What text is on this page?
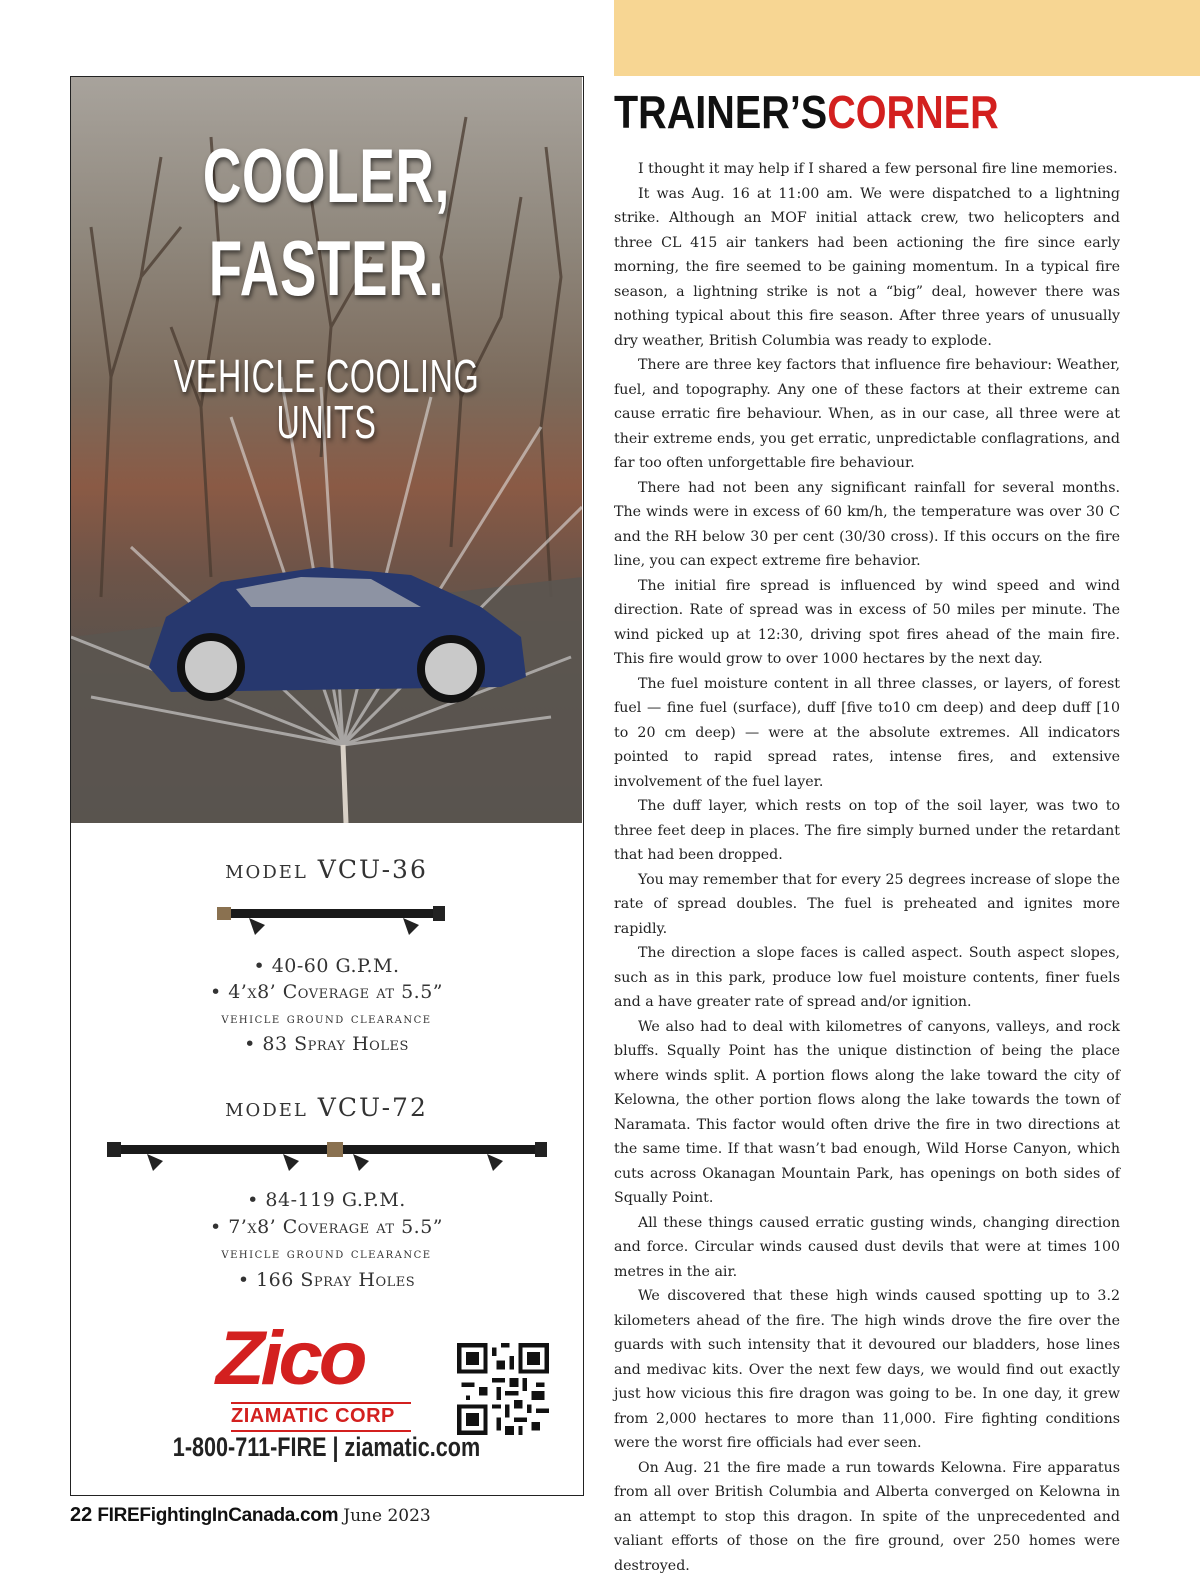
COOLER,
FASTER.
VEHICLE COOLING UNITS
model VCU-36
• 40-60 G.P.M.
• 4’x8’ Coverage at 5.5”
vehicle ground clearance
• 83 Spray Holes
model VCU-72
• 84-119 G.P.M.
• 7’x8’ Coverage at 5.5”
vehicle ground clearance
• 166 Spray Holes
Zico
ZIAMATIC CORP
1-800-711-FIRE | ziamatic.com
TRAINER’SCORNER

I thought it may help if I shared a few personal fire line memories.

It was Aug. 16 at 11:00 am. We were dispatched to a lightning strike. Although an MOF initial attack crew, two helicopters and three CL 415 air tankers had been actioning the fire since early morning, the fire seemed to be gaining momentum. In a typical fire season, a lightning strike is not a “big” deal, however there was nothing typical about this fire season. After three years of unusually dry weather, British Columbia was ready to explode.

There are three key factors that influence fire behaviour: Weather, fuel, and topography. Any one of these factors at their extreme can cause erratic fire behaviour. When, as in our case, all three were at their extreme ends, you get erratic, unpredictable conflagrations, and far too often unforgettable fire behaviour.

There had not been any significant rainfall for several months. The winds were in excess of 60 km/h, the temperature was over 30 C and the RH below 30 per cent (30/30 cross). If this occurs on the fire line, you can expect extreme fire behavior.

The initial fire spread is influenced by wind speed and wind direction. Rate of spread was in excess of 50 miles per minute. The wind picked up at 12:30, driving spot fires ahead of the main fire. This fire would grow to over 1000 hectares by the next day.

The fuel moisture content in all three classes, or layers, of forest fuel — fine fuel (surface), duff [five to10 cm deep) and deep duff [10 to 20 cm deep) — were at the absolute extremes. All indicators pointed to rapid spread rates, intense fires, and extensive involvement of the fuel layer.

The duff layer, which rests on top of the soil layer, was two to three feet deep in places. The fire simply burned under the retardant that had been dropped.

You may remember that for every 25 degrees increase of slope the rate of spread doubles. The fuel is preheated and ignites more rapidly.

The direction a slope faces is called aspect. South aspect slopes, such as in this park, produce low fuel moisture contents, finer fuels and a have greater rate of spread and/or ignition.

We also had to deal with kilometres of canyons, valleys, and rock bluffs. Squally Point has the unique distinction of being the place where winds split. A portion flows along the lake toward the city of Kelowna, the other portion flows along the lake towards the town of Naramata. This factor would often drive the fire in two directions at the same time. If that wasn’t bad enough, Wild Horse Canyon, which cuts across Okanagan Mountain Park, has openings on both sides of Squally Point.

All these things caused erratic gusting winds, changing direction and force. Circular winds caused dust devils that were at times 100 metres in the air.

We discovered that these high winds caused spotting up to 3.2 kilometers ahead of the fire. The high winds drove the fire over the guards with such intensity that it devoured our bladders, hose lines and medivac kits. Over the next few days, we would find out exactly just how vicious this fire dragon was going to be. In one day, it grew from 2,000 hectares to more than 11,000. Fire fighting conditions were the worst fire officials had ever seen.

On Aug. 21 the fire made a run towards Kelowna. Fire apparatus from all over British Columbia and Alberta converged on Kelowna in an attempt to stop this dragon. In spite of the unprecedented and valiant efforts of those on the fire ground, over 250 homes were destroyed.

22 FIREFightingInCanada.com June 2023
